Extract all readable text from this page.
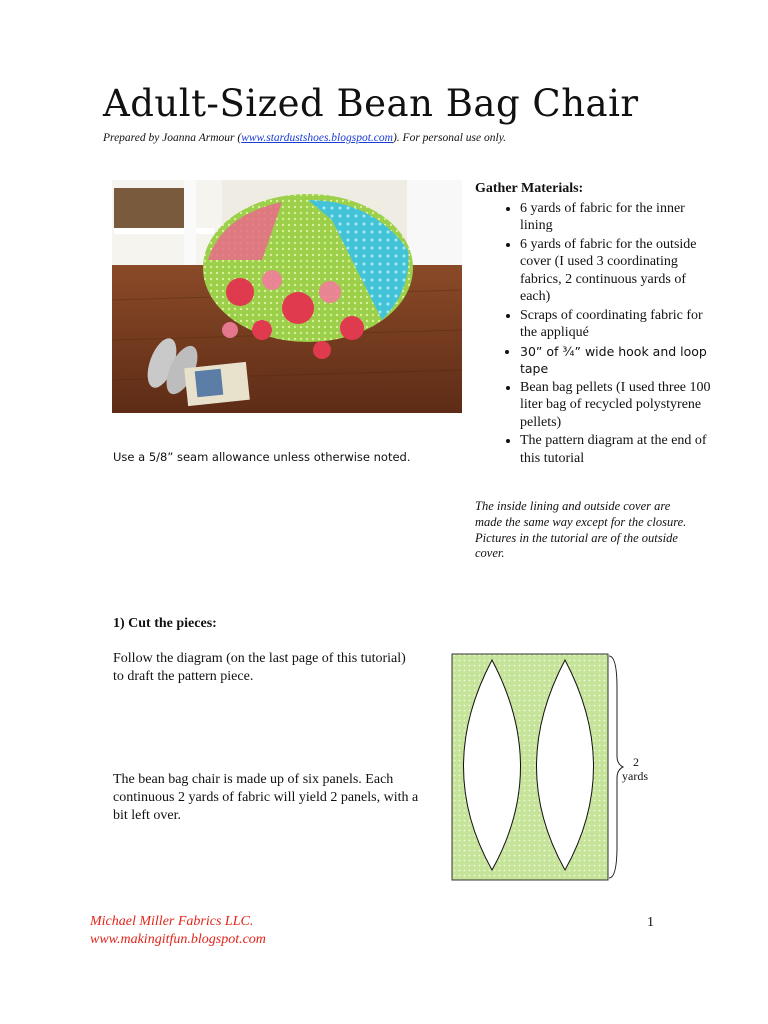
Adult-Sized Bean Bag Chair
Prepared by Joanna Armour (www.stardustshoes.blogspot.com). For personal use only.
Use a 5/8” seam allowance unless otherwise noted.
Gather Materials:
• 6 yards of fabric for the inner lining
• 6 yards of fabric for the outside cover (I used 3 coordinating fabrics, 2 continuous yards of each)
• Scraps of coordinating fabric for the appliqué
• 30” of ¾” wide hook and loop tape
• Bean bag pellets (I used three 100 liter bag of recycled polystyrene pellets)
• The pattern diagram at the end of this tutorial
The inside lining and outside cover are made the same way except for the closure. Pictures in the tutorial are of the outside cover.

1) Cut the pieces:

Follow the diagram (on the last page of this tutorial) to draft the pattern piece.
The bean bag chair is made up of six panels. Each continuous 2 yards of fabric will yield 2 panels, with a bit left over.
2
yards
Michael Miller Fabrics LLC.
www.makingitfun.blogspot.com
1
